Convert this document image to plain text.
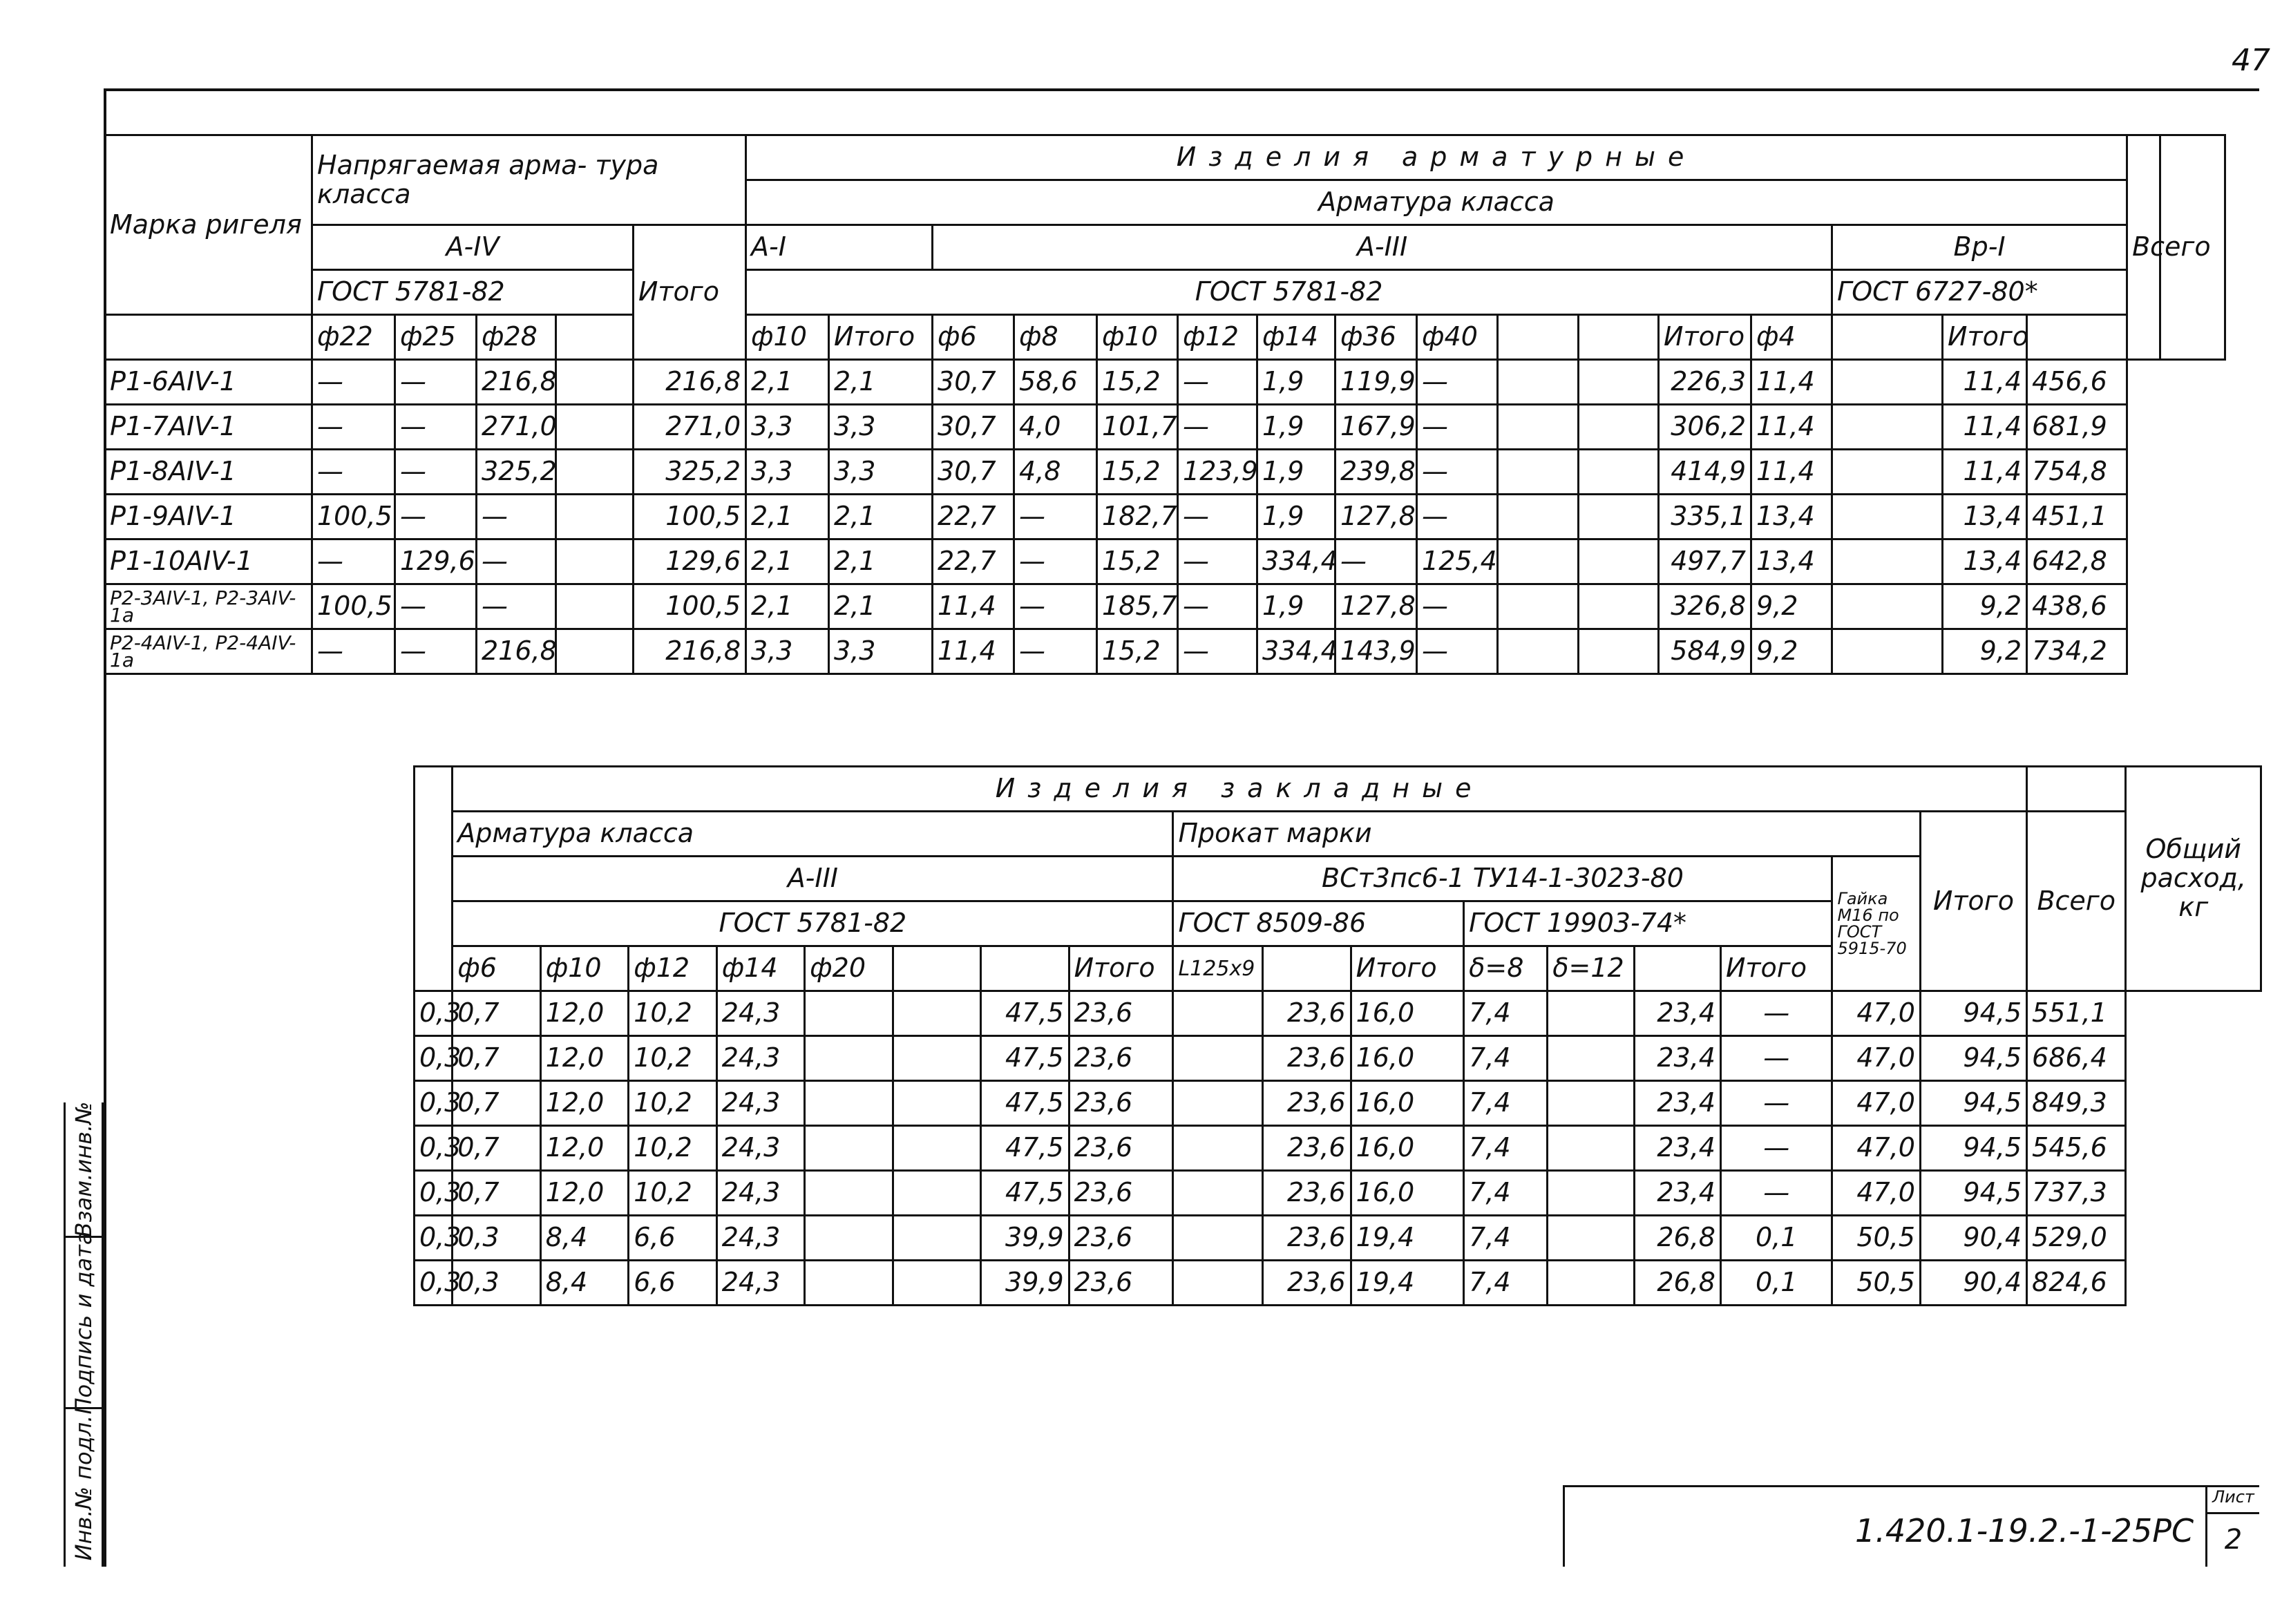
47
Марка ригеля	Напрягаемая арма- тура класса					Изделия арматурные																Всего	
						Арматура класса																	
	А-IV				Итого	А-I		А-III											Вр-I				
	ГОСТ 5781-82					ГОСТ 5781-82													ГОСТ 6727-80*				
	ф22	ф25	ф28			ф10	Итого	ф6	ф8	ф10	ф12	ф14	ф36	ф40			Итого	ф4		Итого			
Р1-6АIV-1	—	—	216,8		216,8	2,1	2,1	30,7	58,6	15,2	—	1,9	119,9	—			226,3	11,4		11,4	456,6		
Р1-7АIV-1	—	—	271,0		271,0	3,3	3,3	30,7	4,0	101,7	—	1,9	167,9	—			306,2	11,4		11,4	681,9		
Р1-8АIV-1	—	—	325,2		325,2	3,3	3,3	30,7	4,8	15,2	123,9	1,9	239,8	—			414,9	11,4		11,4	754,8		
Р1-9АIV-1	100,5	—	—		100,5	2,1	2,1	22,7	—	182,7	—	1,9	127,8	—			335,1	13,4		13,4	451,1		
Р1-10АIV-1	—	129,6	—		129,6	2,1	2,1	22,7	—	15,2	—	334,4	—	125,4			497,7	13,4		13,4	642,8		
Р2-3АIV-1, Р2-3АIV-1а	100,5	—	—		100,5	2,1	2,1	11,4	—	185,7	—	1,9	127,8	—			326,8	9,2		9,2	438,6		
Р2-4АIV-1, Р2-4АIV-1а	—	—	216,8		216,8	3,3	3,3	11,4	—	15,2	—	334,4	143,9	—			584,9	9,2		9,2	734,2		
	Изделия закладные																		Общий расход, кг
	Арматура класса								Прокат марки								Итого	Всего	
	А-III								ВСт3пс6-1 ТУ14-1-3023-80							Гайка М16 по ГОСТ 5915-70			
	ГОСТ 5781-82								ГОСТ 8509-86			ГОСТ 19903-74*							
	ф6	ф10	ф12	ф14	ф20			Итого	L125x9		Итого	δ=8	δ=12		Итого				
0,3	0,7	12,0	10,2	24,3			47,5	23,6		23,6	16,0	7,4		23,4	—	47,0	94,5	551,1	
0,3	0,7	12,0	10,2	24,3			47,5	23,6		23,6	16,0	7,4		23,4	—	47,0	94,5	686,4	
0,3	0,7	12,0	10,2	24,3			47,5	23,6		23,6	16,0	7,4		23,4	—	47,0	94,5	849,3	
0,3	0,7	12,0	10,2	24,3			47,5	23,6		23,6	16,0	7,4		23,4	—	47,0	94,5	545,6	
0,3	0,7	12,0	10,2	24,3			47,5	23,6		23,6	16,0	7,4		23,4	—	47,0	94,5	737,3	
0,3	0,3	8,4	6,6	24,3			39,9	23,6		23,6	19,4	7,4		26,8	0,1	50,5	90,4	529,0	
0,3	0,3	8,4	6,6	24,3			39,9	23,6		23,6	19,4	7,4		26,8	0,1	50,5	90,4	824,6	
Взам.инв.№
Подпись и дата
Инв.№ подл.	1.420.1-19.2.-1-25РС
Лист
2
